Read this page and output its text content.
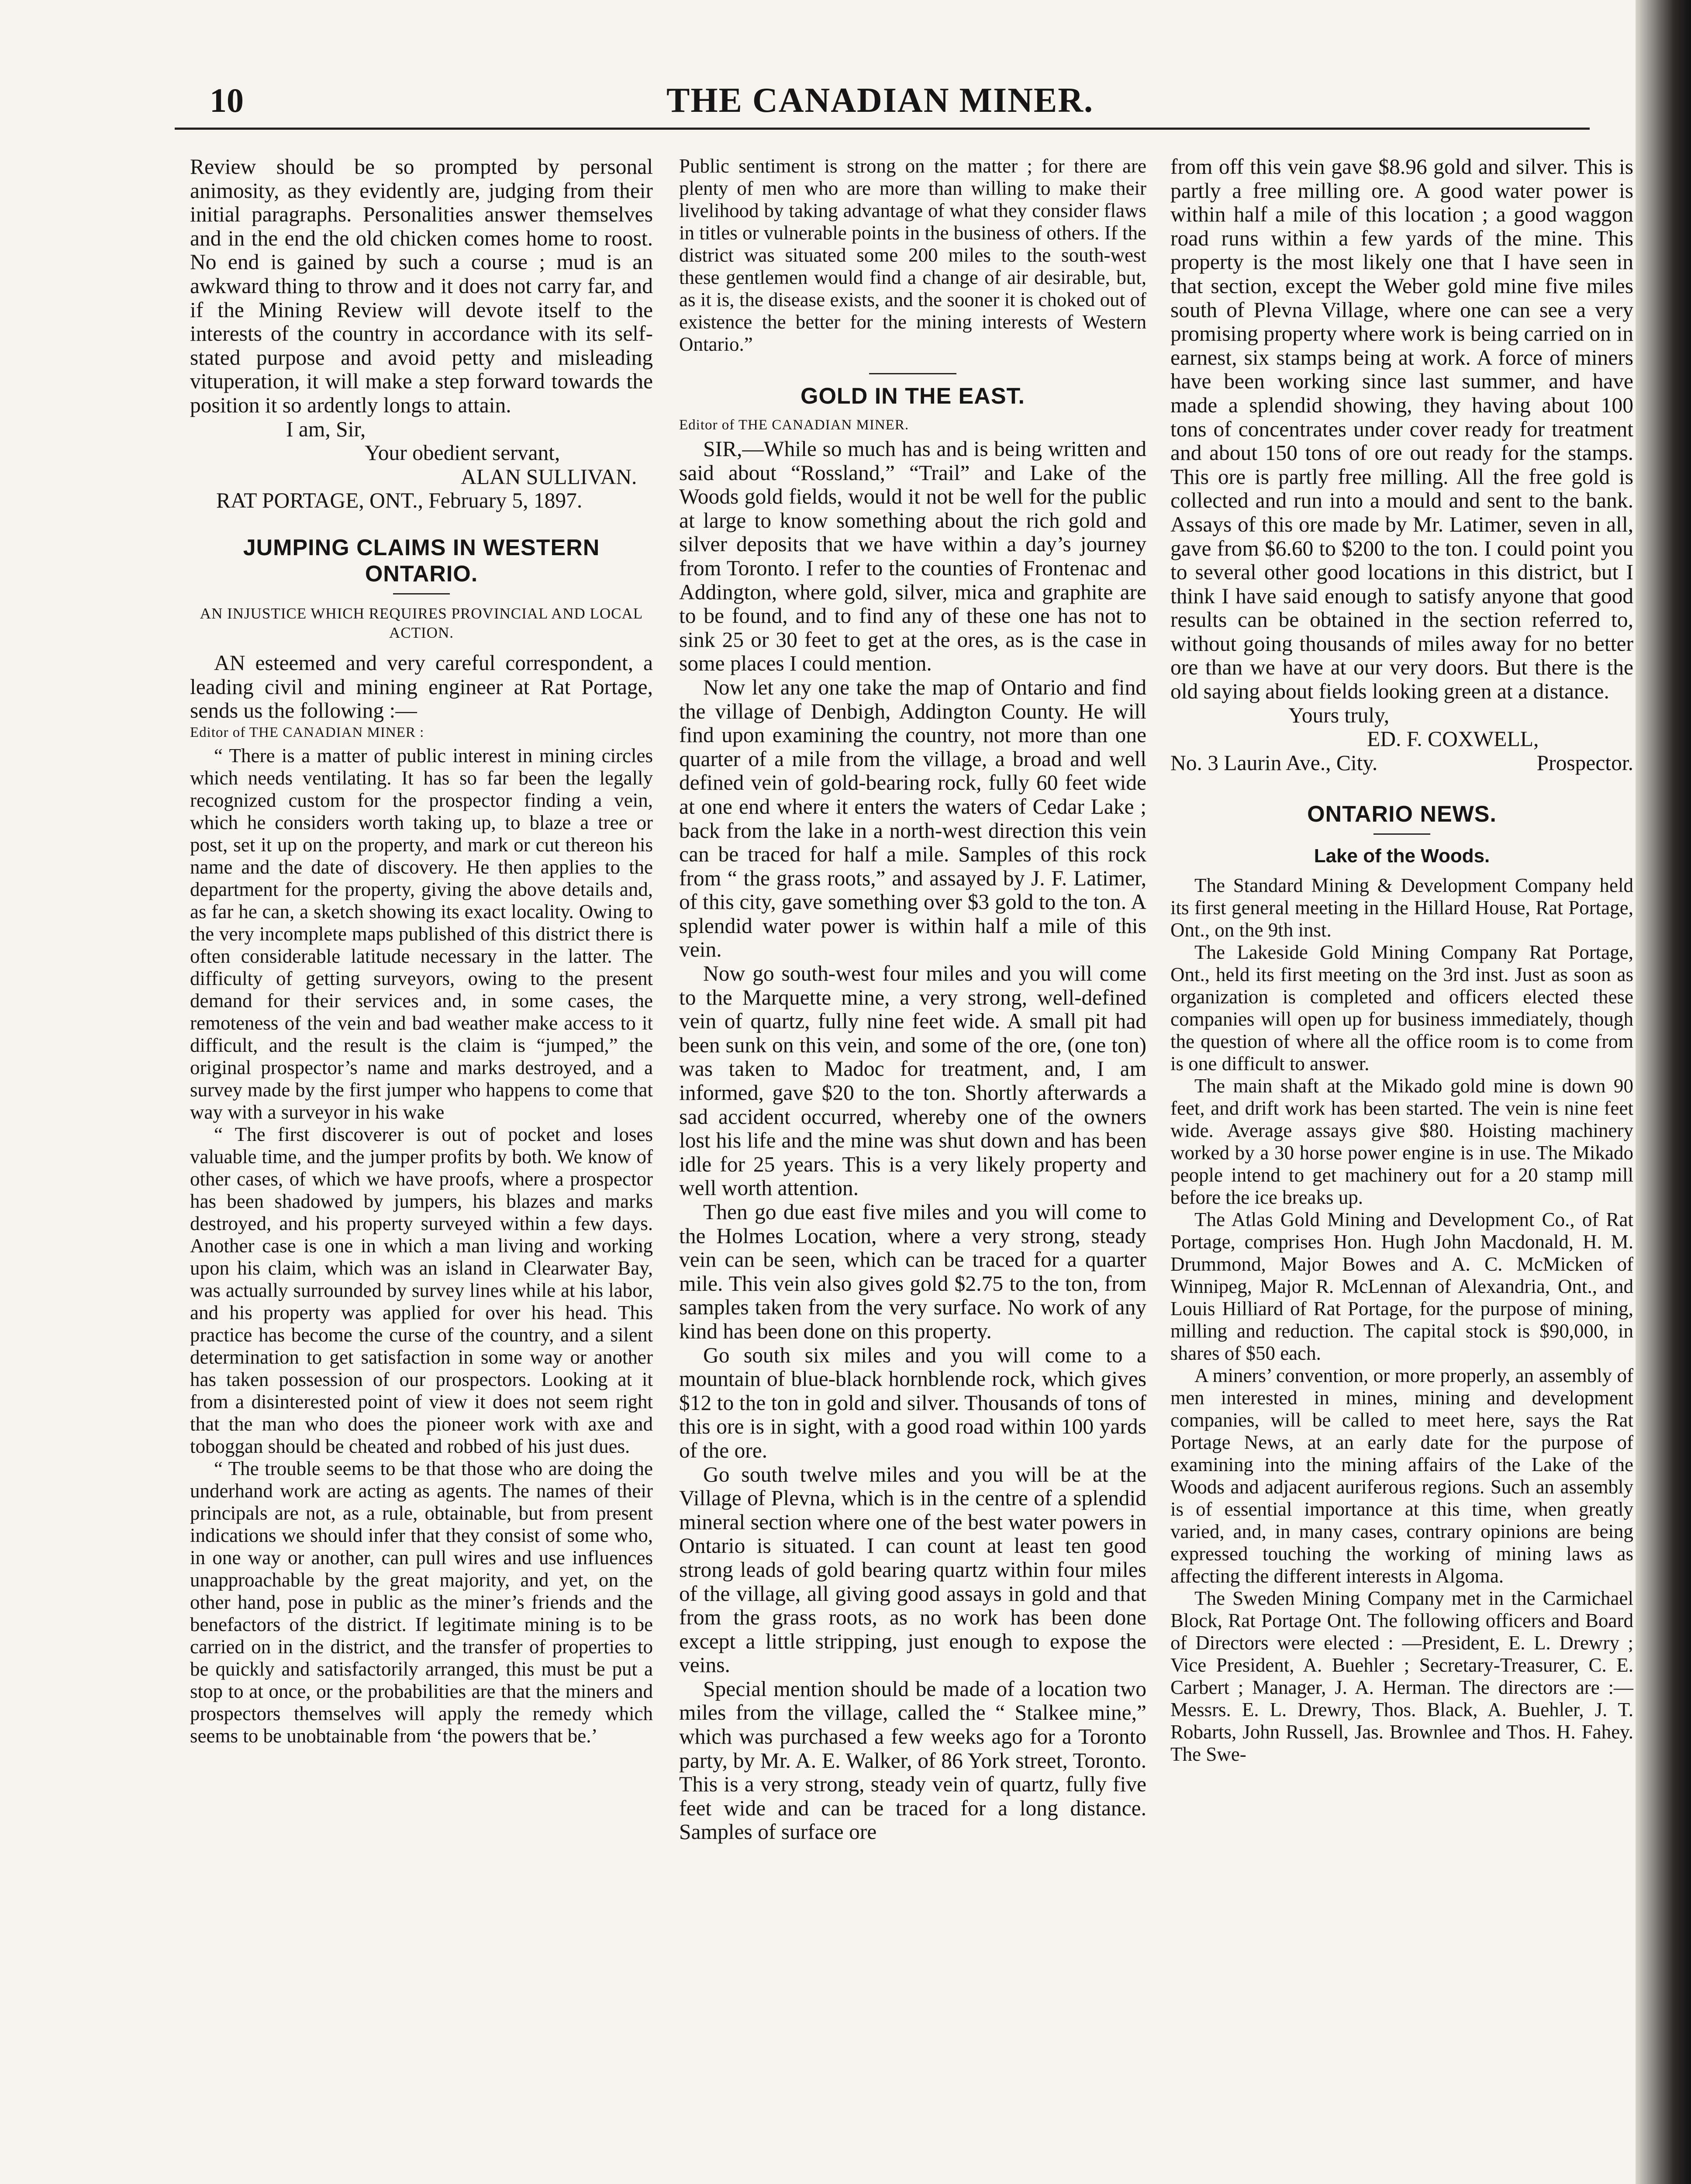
10	THE CANADIAN MINER.

Review should be so prompted by personal animosity, as they evidently are, judging from their initial paragraphs. Personalities answer themselves and in the end the old chicken comes home to roost. No end is gained by such a course ; mud is an awkward thing to throw and it does not carry far, and if the Mining Review will devote itself to the interests of the country in accordance with its self-stated purpose and avoid petty and misleading vituperation, it will make a step forward towards the position it so ardently longs to attain.

I am, Sir,

Your obedient servant,

ALAN SULLIVAN.

RAT PORTAGE, ONT., February 5, 1897.

JUMPING CLAIMS IN WESTERN ONTARIO.
AN INJUSTICE WHICH REQUIRES PROVINCIAL AND LOCAL ACTION.

AN esteemed and very careful correspondent, a leading civil and mining engineer at Rat Portage, sends us the following :—

Editor of THE CANADIAN MINER :

“ There is a matter of public interest in mining circles which needs ventilating. It has so far been the legally recognized custom for the prospector finding a vein, which he considers worth taking up, to blaze a tree or post, set it up on the property, and mark or cut thereon his name and the date of discovery. He then applies to the department for the property, giving the above details and, as far he can, a sketch showing its exact locality. Owing to the very incomplete maps published of this district there is often considerable latitude necessary in the latter. The difficulty of getting surveyors, owing to the present demand for their services and, in some cases, the remoteness of the vein and bad weather make access to it difficult, and the result is the claim is “jumped,” the original prospector’s name and marks destroyed, and a survey made by the first jumper who happens to come that way with a surveyor in his wake

“ The first discoverer is out of pocket and loses valuable time, and the jumper profits by both. We know of other cases, of which we have proofs, where a prospector has been shadowed by jumpers, his blazes and marks destroyed, and his property surveyed within a few days. Another case is one in which a man living and working upon his claim, which was an island in Clearwater Bay, was actually surrounded by survey lines while at his labor, and his property was applied for over his head. This practice has become the curse of the country, and a silent determination to get satisfaction in some way or another has taken possession of our prospectors. Looking at it from a disinterested point of view it does not seem right that the man who does the pioneer work with axe and toboggan should be cheated and robbed of his just dues.

“ The trouble seems to be that those who are doing the underhand work are acting as agents. The names of their principals are not, as a rule, obtainable, but from present indications we should infer that they consist of some who, in one way or another, can pull wires and use influences unapproachable by the great majority, and yet, on the other hand, pose in public as the miner’s friends and the benefactors of the district. If legitimate mining is to be carried on in the district, and the transfer of properties to be quickly and satisfactorily arranged, this must be put a stop to at once, or the probabilities are that the miners and prospectors themselves will apply the remedy which seems to be unobtainable from ‘the powers that be.’

Public sentiment is strong on the matter ; for there are plenty of men who are more than willing to make their livelihood by taking advantage of what they consider flaws in titles or vulnerable points in the business of others. If the district was situated some 200 miles to the south-west these gentlemen would find a change of air desirable, but, as it is, the disease exists, and the sooner it is choked out of existence the better for the mining interests of Western Ontario.”

GOLD IN THE EAST.
Editor of THE CANADIAN MINER.

SIR,—While so much has and is being written and said about “Rossland,” “Trail” and Lake of the Woods gold fields, would it not be well for the public at large to know something about the rich gold and silver deposits that we have within a day’s journey from Toronto. I refer to the counties of Frontenac and Addington, where gold, silver, mica and graphite are to be found, and to find any of these one has not to sink 25 or 30 feet to get at the ores, as is the case in some places I could mention.

Now let any one take the map of Ontario and find the village of Denbigh, Addington County. He will find upon examining the country, not more than one quarter of a mile from the village, a broad and well defined vein of gold-bearing rock, fully 60 feet wide at one end where it enters the waters of Cedar Lake ; back from the lake in a north-west direction this vein can be traced for half a mile. Samples of this rock from “ the grass roots,” and assayed by J. F. Latimer, of this city, gave something over $3 gold to the ton. A splendid water power is within half a mile of this vein.

Now go south-west four miles and you will come to the Marquette mine, a very strong, well-defined vein of quartz, fully nine feet wide. A small pit had been sunk on this vein, and some of the ore, (one ton) was taken to Madoc for treatment, and, I am informed, gave $20 to the ton. Shortly afterwards a sad accident occurred, whereby one of the owners lost his life and the mine was shut down and has been idle for 25 years. This is a very likely property and well worth attention.

Then go due east five miles and you will come to the Holmes Location, where a very strong, steady vein can be seen, which can be traced for a quarter mile. This vein also gives gold $2.75 to the ton, from samples taken from the very surface. No work of any kind has been done on this property.

Go south six miles and you will come to a mountain of blue-black hornblende rock, which gives $12 to the ton in gold and silver. Thousands of tons of this ore is in sight, with a good road within 100 yards of the ore.

Go south twelve miles and you will be at the Village of Plevna, which is in the centre of a splendid mineral section where one of the best water powers in Ontario is situated. I can count at least ten good strong leads of gold bearing quartz within four miles of the village, all giving good assays in gold and that from the grass roots, as no work has been done except a little stripping, just enough to expose the veins.

Special mention should be made of a location two miles from the village, called the “ Stalkee mine,” which was purchased a few weeks ago for a Toronto party, by Mr. A. E. Walker, of 86 York street, Toronto. This is a very strong, steady vein of quartz, fully five feet wide and can be traced for a long distance. Samples of surface ore

from off this vein gave $8.96 gold and silver. This is partly a free milling ore. A good water power is within half a mile of this location ; a good waggon road runs within a few yards of the mine. This property is the most likely one that I have seen in that section, except the Weber gold mine five miles south of Plevna Village, where one can see a very promising property where work is being carried on in earnest, six stamps being at work. A force of miners have been working since last summer, and have made a splendid showing, they having about 100 tons of concentrates under cover ready for treatment and about 150 tons of ore out ready for the stamps. This ore is partly free milling. All the free gold is collected and run into a mould and sent to the bank. Assays of this ore made by Mr. Latimer, seven in all, gave from $6.60 to $200 to the ton. I could point you to several other good locations in this district, but I think I have said enough to satisfy anyone that good results can be obtained in the section referred to, without going thousands of miles away for no better ore than we have at our very doors. But there is the old saying about fields looking green at a distance.

Yours truly,

ED. F. COXWELL,

No. 3 Laurin Ave., City.	Prospector.
ONTARIO NEWS.
Lake of the Woods.

The Standard Mining & Development Company held its first general meeting in the Hillard House, Rat Portage, Ont., on the 9th inst.

The Lakeside Gold Mining Company Rat Portage, Ont., held its first meeting on the 3rd inst. Just as soon as organization is completed and officers elected these companies will open up for business immediately, though the question of where all the office room is to come from is one difficult to answer.

The main shaft at the Mikado gold mine is down 90 feet, and drift work has been started. The vein is nine feet wide. Average assays give $80. Hoisting machinery worked by a 30 horse power engine is in use. The Mikado people intend to get machinery out for a 20 stamp mill before the ice breaks up.

The Atlas Gold Mining and Development Co., of Rat Portage, comprises Hon. Hugh John Macdonald, H. M. Drummond, Major Bowes and A. C. McMicken of Winnipeg, Major R. McLennan of Alexandria, Ont., and Louis Hilliard of Rat Portage, for the purpose of mining, milling and reduction. The capital stock is $90,000, in shares of $50 each.

A miners’ convention, or more properly, an assembly of men interested in mines, mining and development companies, will be called to meet here, says the Rat Portage News, at an early date for the purpose of examining into the mining affairs of the Lake of the Woods and adjacent auriferous regions. Such an assembly is of essential importance at this time, when greatly varied, and, in many cases, contrary opinions are being expressed touching the working of mining laws as affecting the different interests in Algoma.

The Sweden Mining Company met in the Carmichael Block, Rat Portage Ont. The following officers and Board of Directors were elected : —President, E. L. Drewry ; Vice President, A. Buehler ; Secretary-Treasurer, C. E. Carbert ; Manager, J. A. Herman. The directors are :—Messrs. E. L. Drewry, Thos. Black, A. Buehler, J. T. Robarts, John Russell, Jas. Brownlee and Thos. H. Fahey. The Swe-
